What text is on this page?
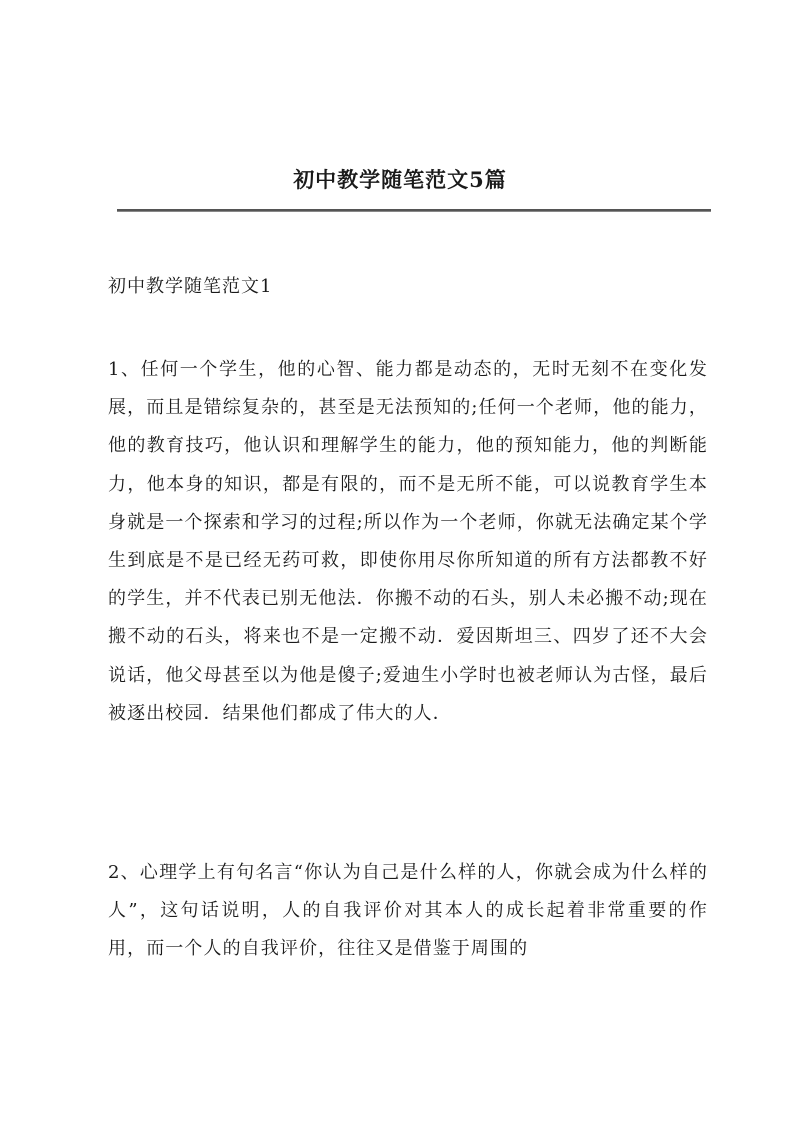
初中教学随笔范文5篇
初中教学随笔范文1
1、任何一个学生，他的心智、能力都是动态的，无时无刻不在变化发展，而且是错综复杂的，甚至是无法预知的;任何一个老师，他的能力，他的教育技巧，他认识和理解学生的能力，他的预知能力，他的判断能力，他本身的知识，都是有限的，而不是无所不能，可以说教育学生本身就是一个探索和学习的过程;所以作为一个老师，你就无法确定某个学生到底是不是已经无药可救，即使你用尽你所知道的所有方法都教不好的学生，并不代表已别无他法．你搬不动的石头，别人未必搬不动;现在搬不动的石头，将来也不是一定搬不动．爱因斯坦三、四岁了还不大会说话，他父母甚至以为他是傻子;爱迪生小学时也被老师认为古怪，最后被逐出校园．结果他们都成了伟大的人．
2、心理学上有句名言“你认为自己是什么样的人，你就会成为什么样的人”，这句话说明，人的自我评价对其本人的成长起着非常重要的作用，而一个人的自我评价，往往又是借鉴于周围的
